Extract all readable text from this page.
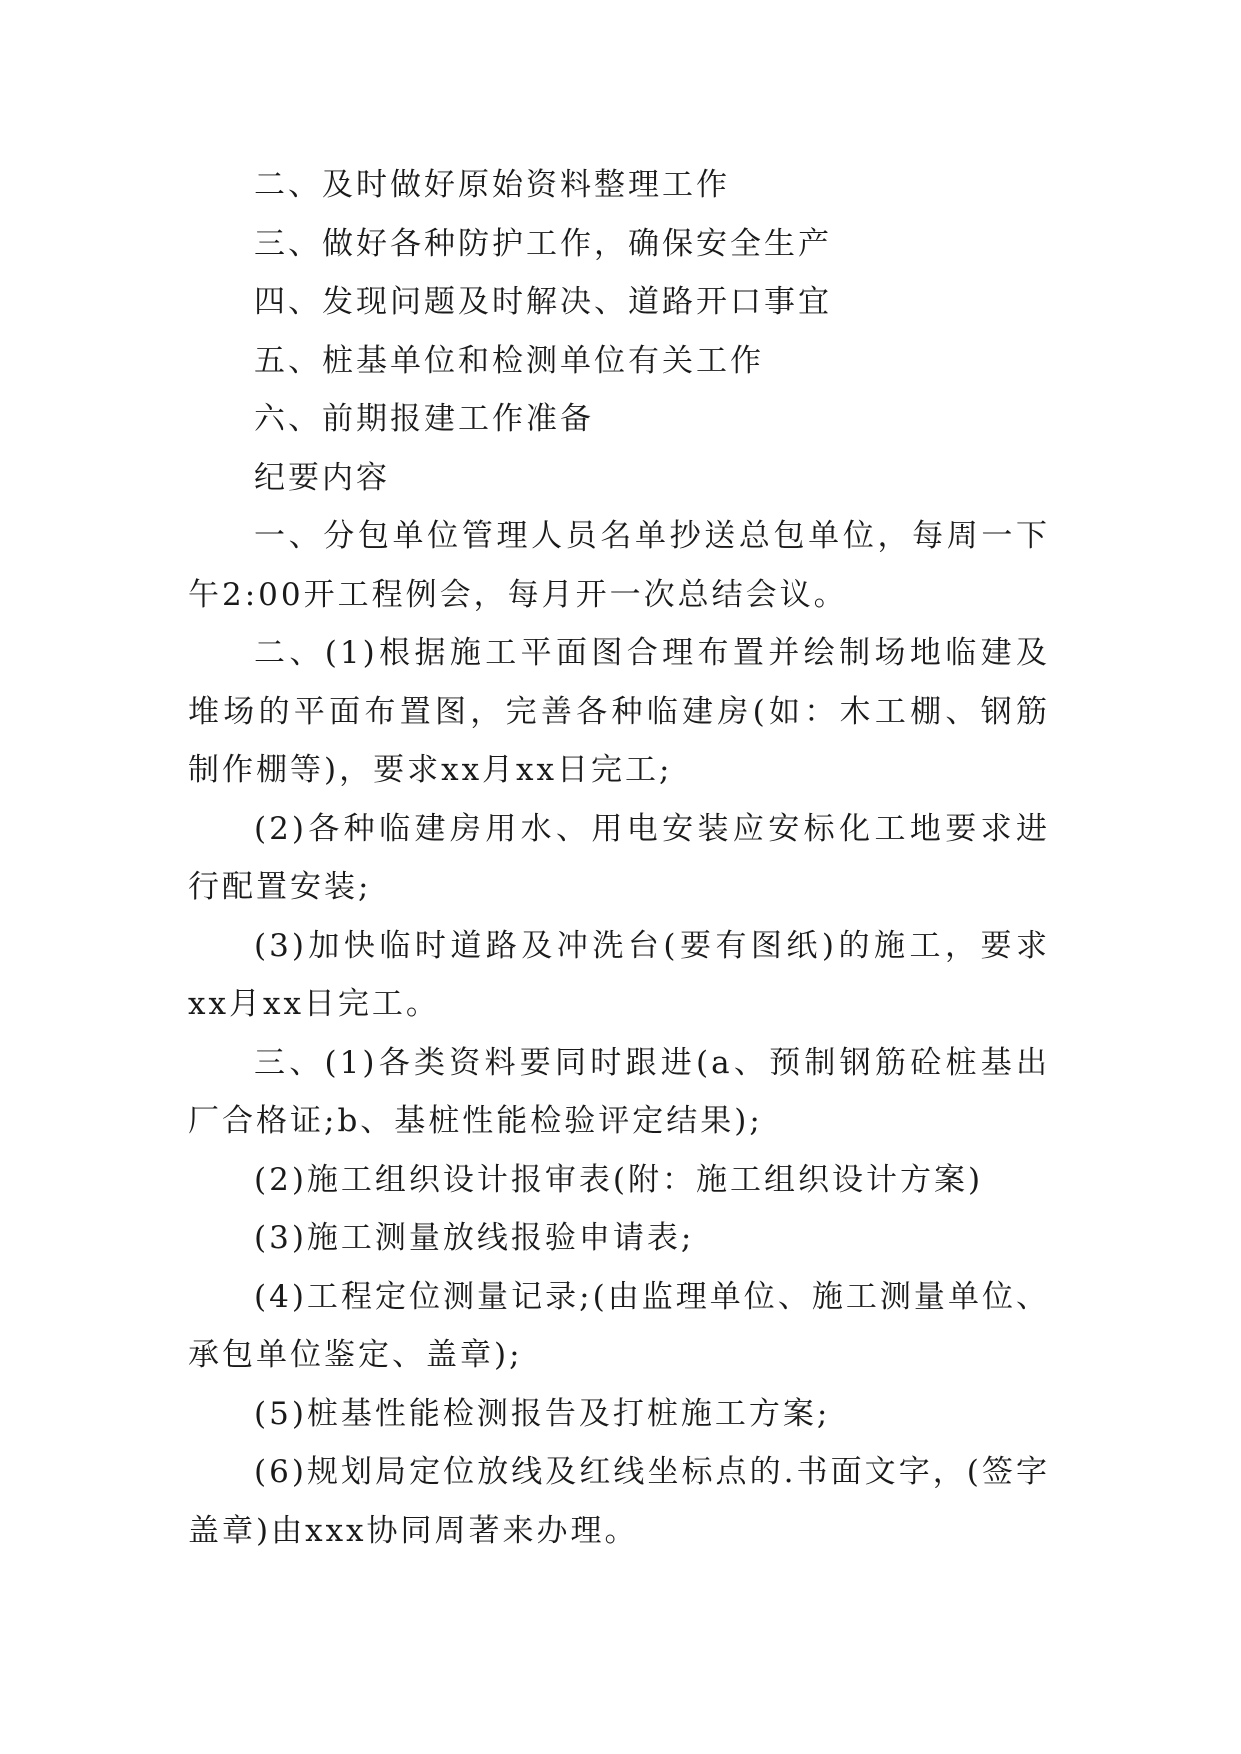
二、及时做好原始资料整理工作

三、做好各种防护工作，确保安全生产

四、发现问题及时解决、道路开口事宜

五、桩基单位和检测单位有关工作

六、前期报建工作准备

纪要内容

一、分包单位管理人员名单抄送总包单位，每周一下午2:00开工程例会，每月开一次总结会议。

二、(1)根据施工平面图合理布置并绘制场地临建及堆场的平面布置图，完善各种临建房(如：木工棚、钢筋制作棚等)，要求xx月xx日完工;

(2)各种临建房用水、用电安装应安标化工地要求进行配置安装;

(3)加快临时道路及冲洗台(要有图纸)的施工，要求xx月xx日完工。

三、(1)各类资料要同时跟进(a、预制钢筋砼桩基出厂合格证;b、基桩性能检验评定结果);

(2)施工组织设计报审表(附：施工组织设计方案)

(3)施工测量放线报验申请表;

(4)工程定位测量记录;(由监理单位、施工测量单位、承包单位鉴定、盖章);

(5)桩基性能检测报告及打桩施工方案;

(6)规划局定位放线及红线坐标点的.书面文字，(签字盖章)由xxx协同周著来办理。
